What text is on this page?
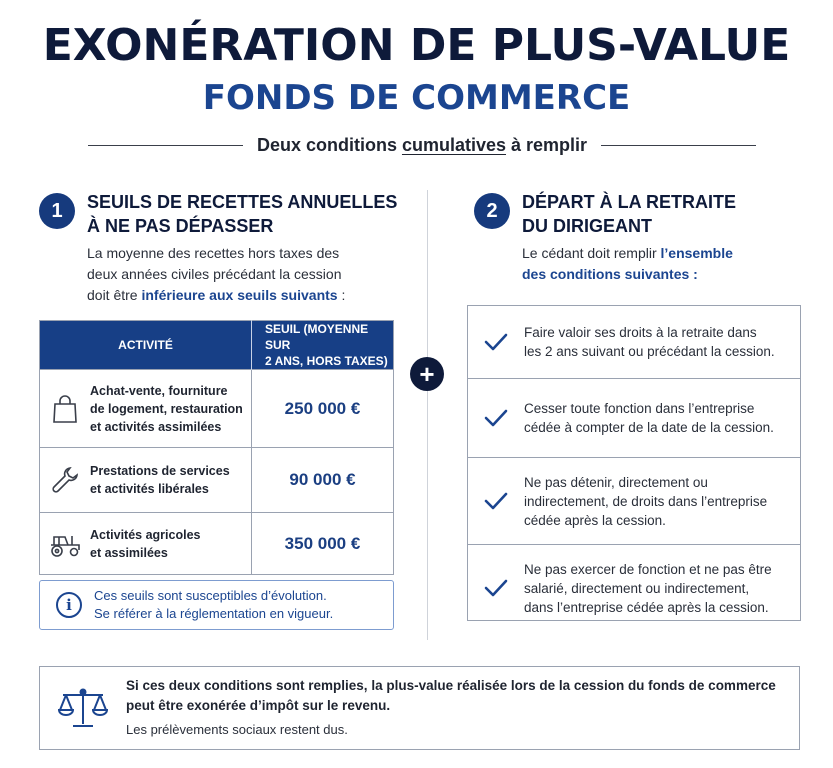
EXONÉRATION DE PLUS-VALUE
FONDS DE COMMERCE
Deux conditions cumulatives à remplir
1	SEUILS DE RECETTES ANNUELLES
À NE PAS DÉPASSER
La moyenne des recettes hors taxes des
deux années civiles précédant la cession
doit être inférieure aux seuils suivants :
ACTIVITÉ	SEUIL (MOYENNE SUR
2 ANS, HORS TAXES)

Achat-vente, fourniture
de logement, restauration
et activités assimilées	250 000 €

Prestations de services
et activités libérales	90 000 €

Activités agricoles
et assimilées	350 000 €
i
Ces seuils sont susceptibles d’évolution.
Se référer à la réglementation en vigueur.
+
2	DÉPART À LA RETRAITE
DU DIRIGEANT
Le cédant doit remplir l’ensemble
des conditions suivantes :
Faire valoir ses droits à la retraite dans
les 2 ans suivant ou précédant la cession.
Cesser toute fonction dans l’entreprise
cédée à compter de la date de la cession.
Ne pas détenir, directement ou
indirectement, de droits dans l’entreprise
cédée après la cession.
Ne pas exercer de fonction et ne pas être
salarié, directement ou indirectement,
dans l’entreprise cédée après la cession.
Si ces deux conditions sont remplies, la plus-value réalisée lors de la cession du fonds de commerce
peut être exonérée d’impôt sur le revenu.
Les prélèvements sociaux restent dus.
